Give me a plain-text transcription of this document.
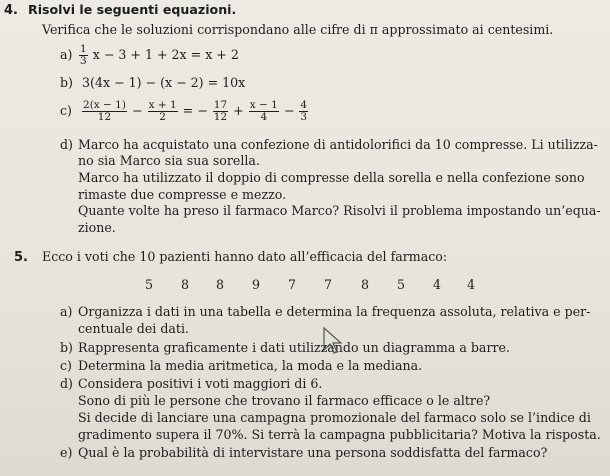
4. Risolvi le seguenti equazioni.
Verifica che le soluzioni corrispondano alle cifre di π approssimato ai centesimi.
$a) \frac{1}{3}$ x − 3 + 1 + 2x = x + 2
b) 3(4x − 1) − (x − 2) = 10x
$c) \frac{2(x - 1)}{12} - \frac{x + 1}{2}$ = − $\frac{17}{12} + \frac{x - 1}{4} - \frac{4}{3}$
d) Marco ha acquistato una confezione di antidolorifici da 10 compresse. Li utilizza-
no sia Marco sia sua sorella.
Marco ha utilizzato il doppio di compresse della sorella e nella confezione sono
rimaste due compresse e mezzo.
Quante volte ha preso il farmaco Marco? Risolvi il problema impostando un’equa-
zione.
5. Ecco i voti che 10 pazienti hanno dato all’efficacia del farmaco:
5 8 8 9 7 7 8 5 4 4
a) Organizza i dati in una tabella e determina la frequenza assoluta, relativa e per-
centuale dei dati.
b) Rappresenta graficamente i dati utilizzando un diagramma a barre.
c) Determina la media aritmetica, la moda e la mediana.
d) Considera positivi i voti maggiori di 6.
Sono di più le persone che trovano il farmaco efficace o le altre?
Si decide di lanciare una campagna promozionale del farmaco solo se l’indice di
gradimento supera il 70%. Si terrà la campagna pubblicitaria? Motiva la risposta.
e) Qual è la probabilità di intervistare una persona soddisfatta del farmaco?
